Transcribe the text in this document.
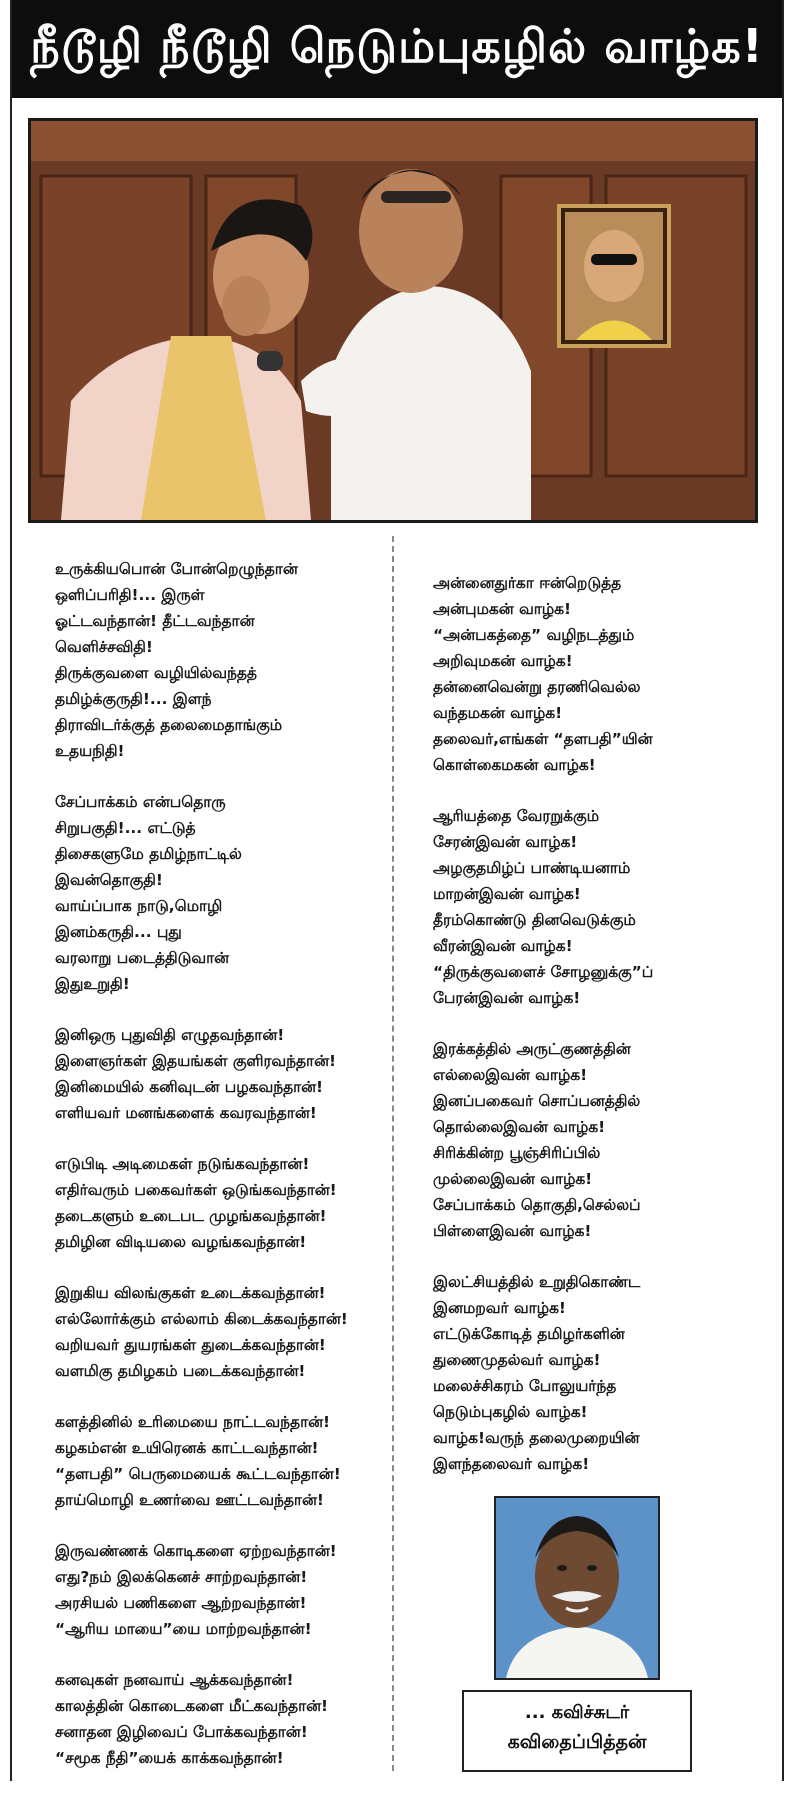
நீடூழி நீடூழி நெடும்புகழில் வாழ்க!
உருக்கியபொன் போன்றெழுந்தான்
ஒளிப்பரிதி!... இருள்
ஓட்டவந்தான்! தீட்டவந்தான்
வெளிச்சவிதி!
திருக்குவளை வழியில்வந்தத்
தமிழ்க்குருதி!... இளந்
திராவிடர்க்குத் தலைமைதாங்கும்
உதயநிதி!
சேப்பாக்கம் என்பதொரு
சிறுபகுதி!... எட்டுத்
திசைகளுமே தமிழ்நாட்டில்
இவன்தொகுதி!
வாய்ப்பாக நாடு,மொழி
இனம்கருதி... புது
வரலாறு படைத்திடுவான்
இதுஉறுதி!
இனிஒரு புதுவிதி எழுதவந்தான்!
இளைஞர்கள் இதயங்கள் குளிரவந்தான்!
இனிமையில் கனிவுடன் பழகவந்தான்!
எளியவர் மனங்களைக் கவரவந்தான்!
எடுபிடி அடிமைகள் நடுங்கவந்தான்!
எதிர்வரும் பகைவர்கள் ஒடுங்கவந்தான்!
தடைகளும் உடைபட முழங்கவந்தான்!
தமிழின விடியலை வழங்கவந்தான்!
இறுகிய விலங்குகள் உடைக்கவந்தான்!
எல்லோர்க்கும் எல்லாம் கிடைக்கவந்தான்!
வறியவர் துயரங்கள் துடைக்கவந்தான்!
வளமிகு தமிழகம் படைக்கவந்தான்!
களத்தினில் உரிமையை நாட்டவந்தான்!
கழகம்என் உயிரெனக் காட்டவந்தான்!
“தளபதி” பெருமையைக் கூட்டவந்தான்!
தாய்மொழி உணர்வை ஊட்டவந்தான்!
இருவண்ணக் கொடிகளை ஏற்றவந்தான்!
எது?நம் இலக்கெனச் சாற்றவந்தான்!
அரசியல் பணிகளை ஆற்றவந்தான்!
“ஆரிய மாயை”யை மாற்றவந்தான்!
கனவுகள் நனவாய் ஆக்கவந்தான்!
காலத்தின் கொடைகளை மீட்கவந்தான்!
சனாதன இழிவைப் போக்கவந்தான்!
“சமூக நீதி”யைக் காக்கவந்தான்!
அன்னைதுர்கா ஈன்றெடுத்த
அன்புமகன் வாழ்க!
“அன்பகத்தை” வழிநடத்தும்
அறிவுமகன் வாழ்க!
தன்னைவென்று தரணிவெல்ல
வந்தமகன் வாழ்க!
தலைவர்,எங்கள் “தளபதி”யின்
கொள்கைமகன் வாழ்க!
ஆரியத்தை வேரறுக்கும்
சேரன்இவன் வாழ்க!
அழகுதமிழ்ப் பாண்டியனாம்
மாறன்இவன் வாழ்க!
தீரம்கொண்டு தினவெடுக்கும்
வீரன்இவன் வாழ்க!
“திருக்குவளைச் சோழனுக்கு”ப்
பேரன்இவன் வாழ்க!
இரக்கத்தில் அருட்குணத்தின்
எல்லைஇவன் வாழ்க!
இனப்பகைவர் சொப்பனத்தில்
தொல்லைஇவன் வாழ்க!
சிரிக்கின்ற பூஞ்சிரிப்பில்
முல்லைஇவன் வாழ்க!
சேப்பாக்கம் தொகுதி,செல்லப்
பிள்ளைஇவன் வாழ்க!
இலட்சியத்தில் உறுதிகொண்ட
இனமறவர் வாழ்க!
எட்டுக்கோடித் தமிழர்களின்
துணைமுதல்வர் வாழ்க!
மலைச்சிகரம் போலுயர்ந்த
நெடும்புகழில் வாழ்க!
வாழ்க!வருந் தலைமுறையின்
இளந்தலைவர் வாழ்க!
... கவிச்சுடர்
கவிதைப்பித்தன்
